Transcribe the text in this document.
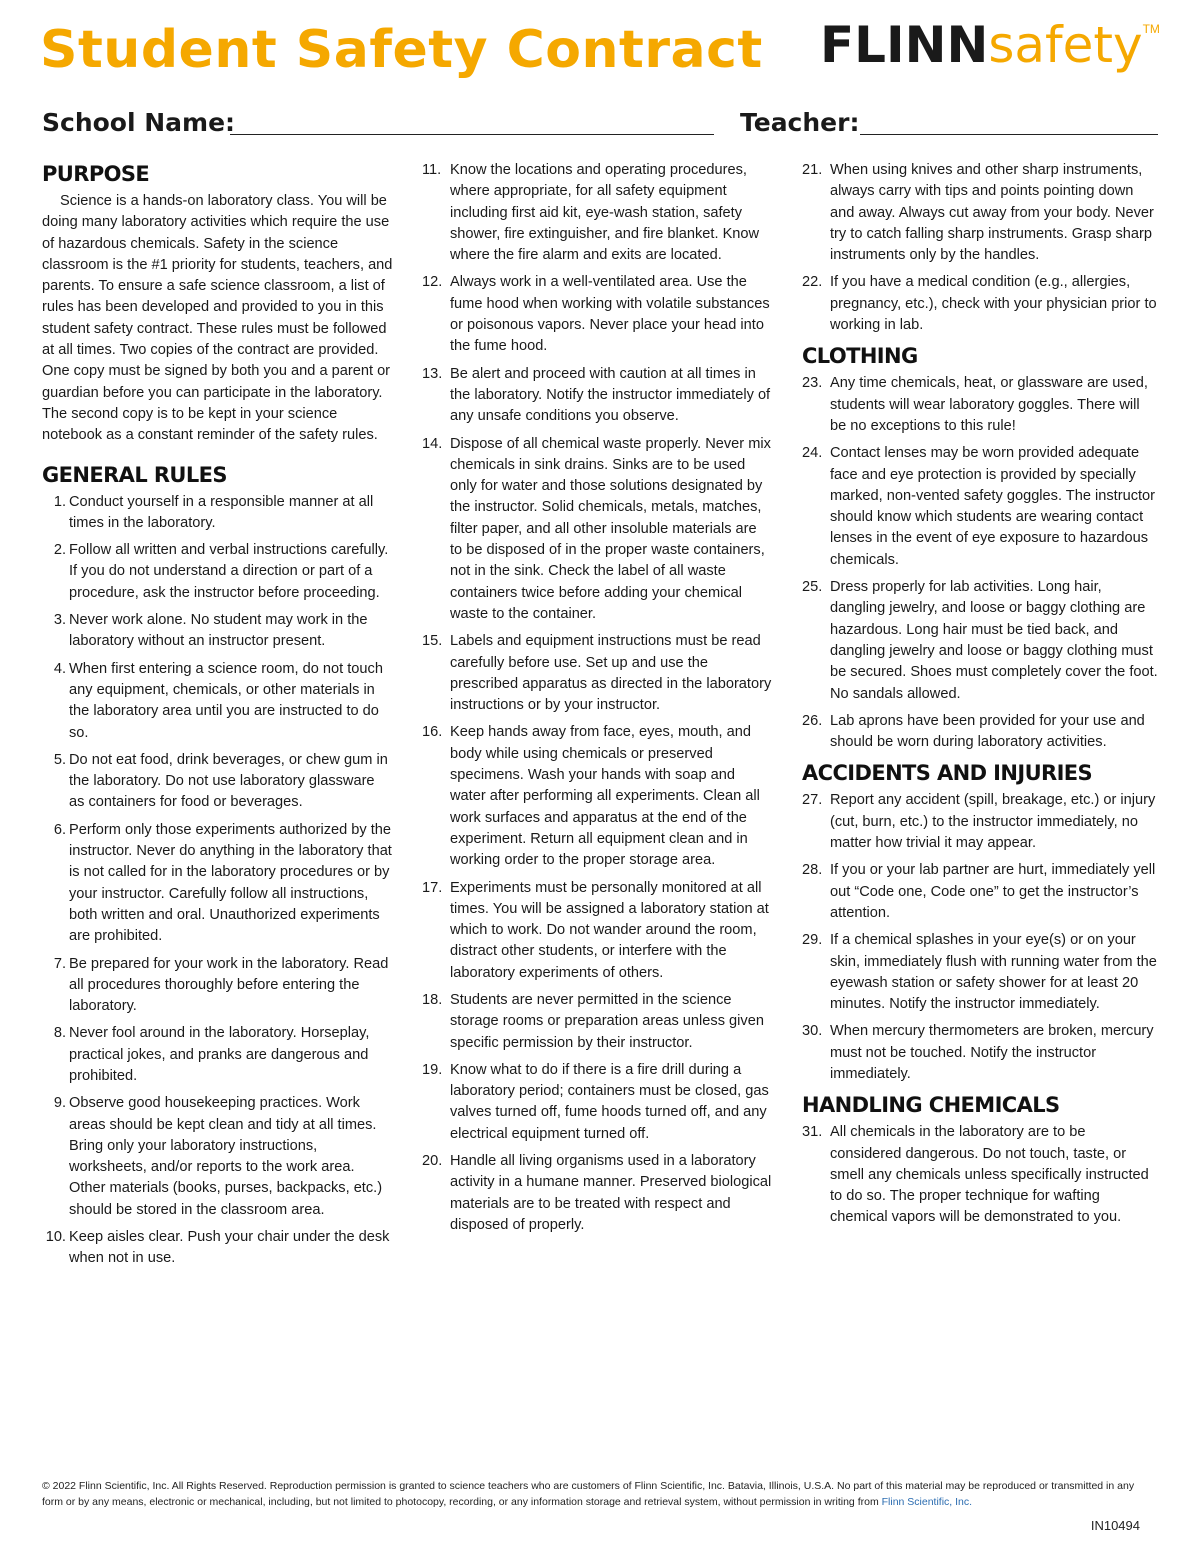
Student Safety Contract FLINNsafety™
School Name:	Teacher:
PURPOSE

Science is a hands-on laboratory class. You will be doing many laboratory activities which require the use of hazardous chemicals. Safety in the science classroom is the #1 priority for students, teachers, and parents. To ensure a safe science classroom, a list of rules has been developed and provided to you in this student safety contract. These rules must be followed at all times. Two copies of the contract are provided. One copy must be signed by both you and a parent or guardian before you can participate in the laboratory. The second copy is to be kept in your science notebook as a constant reminder of the safety rules.

GENERAL RULES
1. Conduct yourself in a responsible manner at all times in the laboratory.
2. Follow all written and verbal instructions carefully. If you do not understand a direction or part of a procedure, ask the instructor before proceeding.
3. Never work alone. No student may work in the laboratory without an instructor present.
4. When first entering a science room, do not touch any equipment, chemicals, or other materials in the laboratory area until you are instructed to do so.
5. Do not eat food, drink beverages, or chew gum in the laboratory. Do not use laboratory glassware as containers for food or beverages.
6. Perform only those experiments authorized by the instructor. Never do anything in the laboratory that is not called for in the laboratory procedures or by your instructor. Carefully follow all instructions, both written and oral. Unauthorized experiments are prohibited.
7. Be prepared for your work in the laboratory. Read all procedures thoroughly before entering the laboratory.
8. Never fool around in the laboratory. Horseplay, practical jokes, and pranks are dangerous and prohibited.
9. Observe good housekeeping practices. Work areas should be kept clean and tidy at all times. Bring only your laboratory instructions, worksheets, and/or reports to the work area. Other materials (books, purses, backpacks, etc.) should be stored in the classroom area.
10. Keep aisles clear. Push your chair under the desk when not in use.
11. Know the locations and operating procedures, where appropriate, for all safety equipment including first aid kit, eye-wash station, safety shower, fire extinguisher, and fire blanket. Know where the fire alarm and exits are located.
12. Always work in a well-ventilated area. Use the fume hood when working with volatile substances or poisonous vapors. Never place your head into the fume hood.
13. Be alert and proceed with caution at all times in the laboratory. Notify the instructor immediately of any unsafe conditions you observe.
14. Dispose of all chemical waste properly. Never mix chemicals in sink drains. Sinks are to be used only for water and those solutions designated by the instructor. Solid chemicals, metals, matches, filter paper, and all other insoluble materials are to be disposed of in the proper waste containers, not in the sink. Check the label of all waste containers twice before adding your chemical waste to the container.
15. Labels and equipment instructions must be read carefully before use. Set up and use the prescribed apparatus as directed in the laboratory instructions or by your instructor.
16. Keep hands away from face, eyes, mouth, and body while using chemicals or preserved specimens. Wash your hands with soap and water after performing all experiments. Clean all work surfaces and apparatus at the end of the experiment. Return all equipment clean and in working order to the proper storage area.
17. Experiments must be personally monitored at all times. You will be assigned a laboratory station at which to work. Do not wander around the room, distract other students, or interfere with the laboratory experiments of others.
18. Students are never permitted in the science storage rooms or preparation areas unless given specific permission by their instructor.
19. Know what to do if there is a fire drill during a laboratory period; containers must be closed, gas valves turned off, fume hoods turned off, and any electrical equipment turned off.
20. Handle all living organisms used in a laboratory activity in a humane manner. Preserved biological materials are to be treated with respect and disposed of properly.
21. When using knives and other sharp instruments, always carry with tips and points pointing down and away. Always cut away from your body. Never try to catch falling sharp instruments. Grasp sharp instruments only by the handles.
22. If you have a medical condition (e.g., allergies, pregnancy, etc.), check with your physician prior to working in lab.
CLOTHING
23. Any time chemicals, heat, or glassware are used, students will wear laboratory goggles. There will be no exceptions to this rule!
24. Contact lenses may be worn provided adequate face and eye protection is provided by specially marked, non-vented safety goggles. The instructor should know which students are wearing contact lenses in the event of eye exposure to hazardous chemicals.
25. Dress properly for lab activities. Long hair, dangling jewelry, and loose or baggy clothing are hazardous. Long hair must be tied back, and dangling jewelry and loose or baggy clothing must be secured. Shoes must completely cover the foot. No sandals allowed.
26. Lab aprons have been provided for your use and should be worn during laboratory activities.
ACCIDENTS AND INJURIES
27. Report any accident (spill, breakage, etc.) or injury (cut, burn, etc.) to the instructor immediately, no matter how trivial it may appear.
28. If you or your lab partner are hurt, immediately yell out “Code one, Code one” to get the instructor’s attention.
29. If a chemical splashes in your eye(s) or on your skin, immediately flush with running water from the eyewash station or safety shower for at least 20 minutes. Notify the instructor immediately.
30. When mercury thermometers are broken, mercury must not be touched. Notify the instructor immediately.
HANDLING CHEMICALS
31. All chemicals in the laboratory are to be considered dangerous. Do not touch, taste, or smell any chemicals unless specifically instructed to do so. The proper technique for wafting chemical vapors will be demonstrated to you.
© 2022 Flinn Scientific, Inc. All Rights Reserved. Reproduction permission is granted to science teachers who are customers of Flinn Scientific, Inc. Batavia, Illinois, U.S.A. No part of this material may be reproduced or transmitted in any form or by any means, electronic or mechanical, including, but not limited to photocopy, recording, or any information storage and retrieval system, without permission in writing from Flinn Scientific, Inc.
IN10494
